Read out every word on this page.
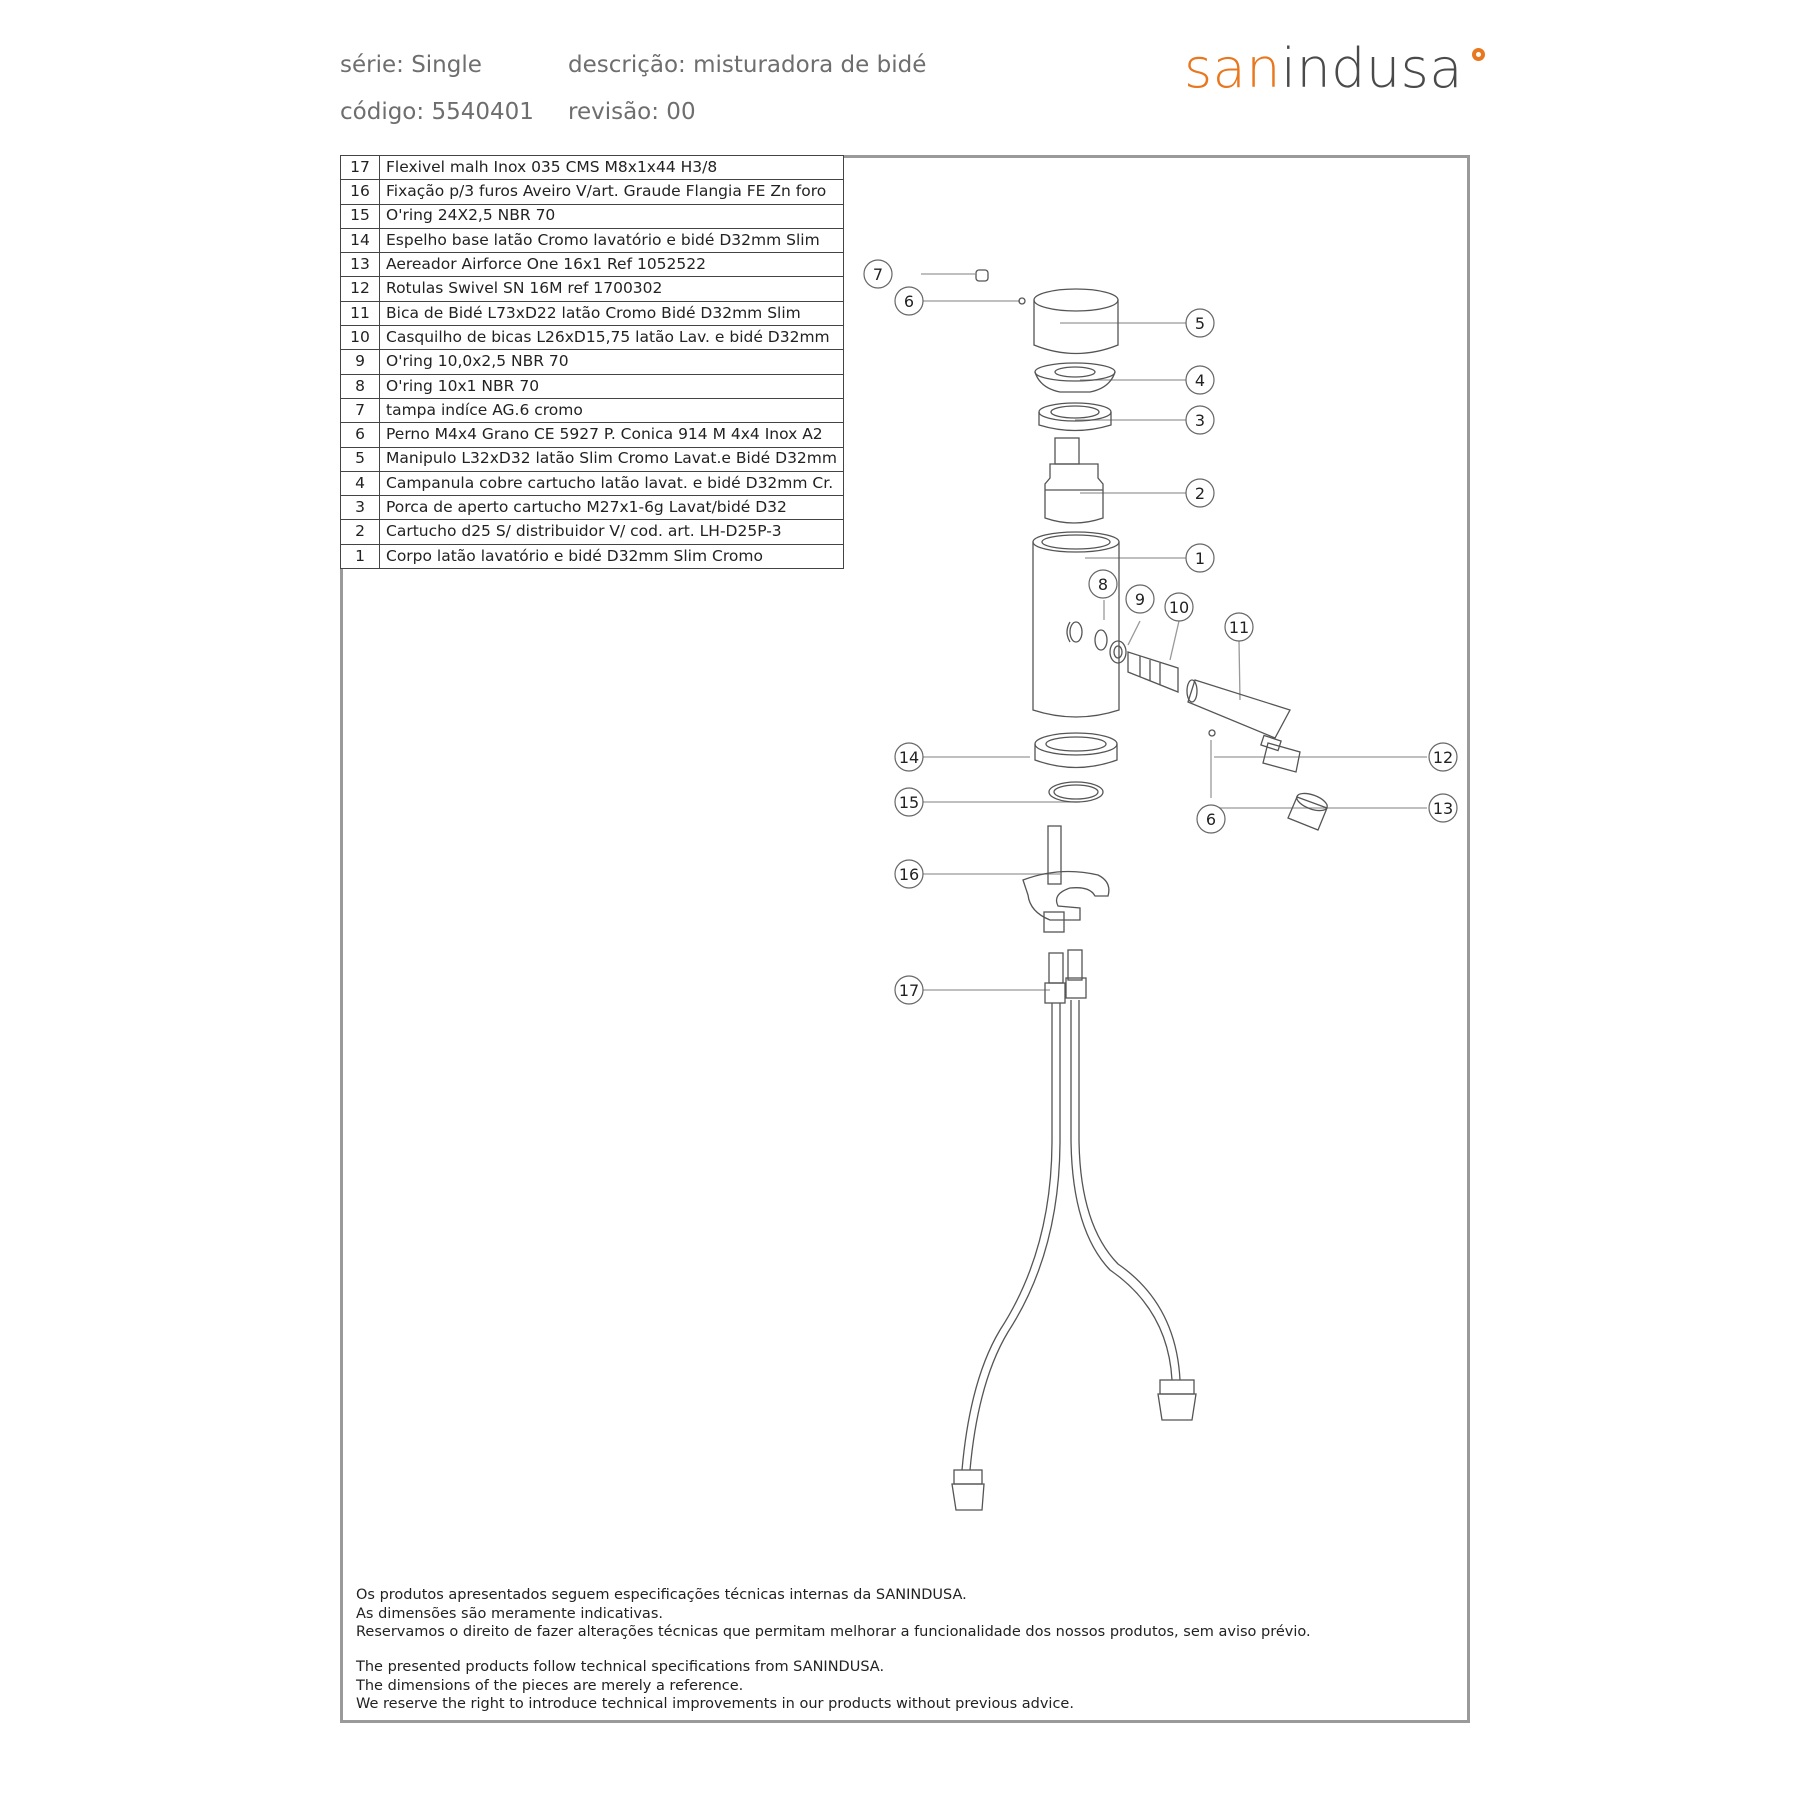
série: Single	descrição: misturadora de bidé
código: 5540401 revisão: 00
sanindusa
7
6
5
4
3
2
1
8
9 10
11
14	12
15
6
13
16
17
17	Flexivel malh Inox 035 CMS M8x1x44 H3/8
16	Fixação p/3 furos Aveiro V/art. Graude Flangia FE Zn foro
15	O'ring 24X2,5 NBR 70
14	Espelho base latão Cromo lavatório e bidé D32mm Slim
13	Aereador Airforce One 16x1 Ref 1052522
12	Rotulas Swivel SN 16M ref 1700302
11	Bica de Bidé L73xD22 latão Cromo Bidé D32mm Slim
10	Casquilho de bicas L26xD15,75 latão Lav. e bidé D32mm
9	O'ring 10,0x2,5 NBR 70
8	O'ring 10x1 NBR 70
7	tampa indíce AG.6 cromo
6	Perno M4x4 Grano CE 5927 P. Conica 914 M 4x4 Inox A2
5	Manipulo L32xD32 latão Slim Cromo Lavat.e Bidé D32mm
4	Campanula cobre cartucho latão lavat. e bidé D32mm Cr.
3	Porca de aperto cartucho M27x1-6g Lavat/bidé D32
2	Cartucho d25 S/ distribuidor V/ cod. art. LH-D25P-3
1	Corpo latão lavatório e bidé D32mm Slim Cromo
Os produtos apresentados seguem especificações técnicas internas da SANINDUSA.
As dimensões são meramente indicativas.
Reservamos o direito de fazer alterações técnicas que permitam melhorar a funcionalidade dos nossos produtos, sem aviso prévio.
The presented products follow technical specifications from SANINDUSA.
The dimensions of the pieces are merely a reference.
We reserve the right to introduce technical improvements in our products without previous advice.
